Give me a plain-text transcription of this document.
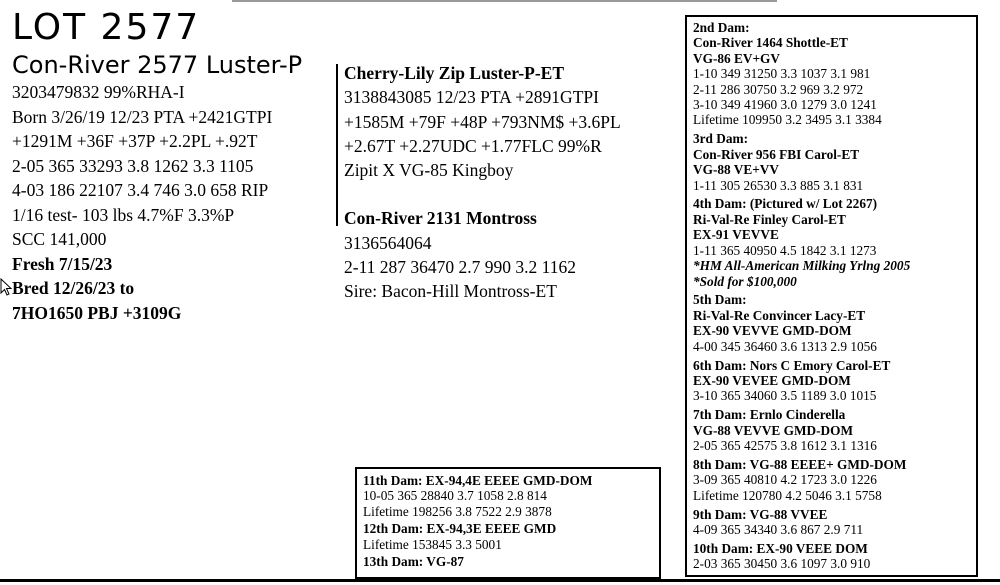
LOT 2577
Con-River 2577 Luster-P
3203479832 99%RHA-I
Born 3/26/19 12/23 PTA +2421GTPI
+1291M +36F +37P +2.2PL +.92T
2-05 365 33293 3.8 1262 3.3 1105
4-03 186 22107 3.4 746 3.0 658 RIP
1/16 test- 103 lbs 4.7%F 3.3%P
SCC 141,000
Fresh 7/15/23
Bred 12/26/23 to
7HO1650 PBJ +3109G
Cherry-Lily Zip Luster-P-ET
3138843085 12/23 PTA +2891GTPI
+1585M +79F +48P +793NM$ +3.6PL
+2.67T +2.27UDC +1.77FLC 99%R
Zipit X VG-85 Kingboy
Con-River 2131 Montross
3136564064
2-11 287 36470 2.7 990 3.2 1162
Sire: Bacon-Hill Montross-ET
2nd Dam:
Con-River 1464 Shottle-ET
VG-86 EV+GV
1-10 349 31250 3.3 1037 3.1 981
2-11 286 30750 3.2 969 3.2 972
3-10 349 41960 3.0 1279 3.0 1241
Lifetime 109950 3.2 3495 3.1 3384
3rd Dam:
Con-River 956 FBI Carol-ET
VG-88 VE+VV
1-11 305 26530 3.3 885 3.1 831
4th Dam: (Pictured w/ Lot 2267)
Ri-Val-Re Finley Carol-ET
EX-91 VEVVE
1-11 365 40950 4.5 1842 3.1 1273
*HM All-American Milking Yrlng 2005
*Sold for $100,000
5th Dam:
Ri-Val-Re Convincer Lacy-ET
EX-90 VEVVE GMD-DOM
4-00 345 36460 3.6 1313 2.9 1056
6th Dam: Nors C Emory Carol-ET
EX-90 VEVEE GMD-DOM
3-10 365 34060 3.5 1189 3.0 1015
7th Dam: Ernlo Cinderella
VG-88 VEVVE GMD-DOM
2-05 365 42575 3.8 1612 3.1 1316
8th Dam: VG-88 EEEE+ GMD-DOM
3-09 365 40810 4.2 1723 3.0 1226
Lifetime 120780 4.2 5046 3.1 5758
9th Dam: VG-88 VVEE
4-09 365 34340 3.6 867 2.9 711
10th Dam: EX-90 VEEE DOM
2-03 365 30450 3.6 1097 3.0 910
11th Dam: EX-94,4E EEEE GMD-DOM
10-05 365 28840 3.7 1058 2.8 814
Lifetime 198256 3.8 7522 2.9 3878
12th Dam: EX-94,3E EEEE GMD
Lifetime 153845 3.3 5001
13th Dam: VG-87
